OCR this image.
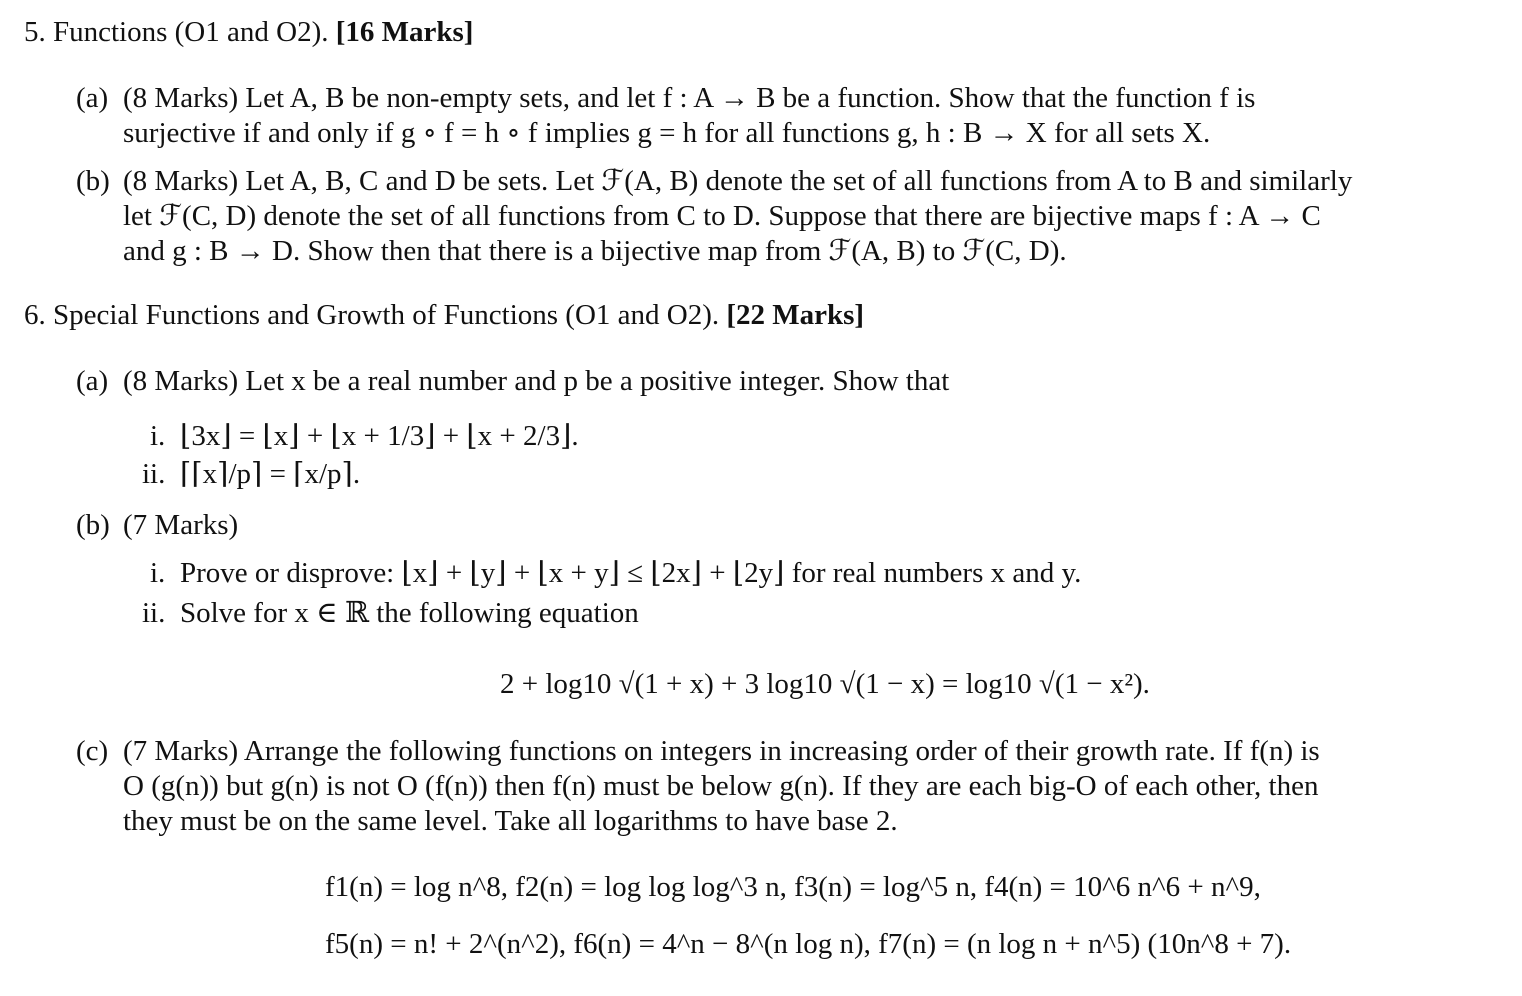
5. Functions (O1 and O2). [16 Marks]
(a) (8 Marks) Let A, B be non-empty sets, and let f : A → B be a function. Show that the function f is
surjective if and only if g ∘ f = h ∘ f implies g = h for all functions g, h : B → X for all sets X.
(b) (8 Marks) Let A, B, C and D be sets. Let ℱ(A, B) denote the set of all functions from A to B and similarly
let ℱ(C, D) denote the set of all functions from C to D. Suppose that there are bijective maps f : A → C
and g : B → D. Show then that there is a bijective map from ℱ(A, B) to ℱ(C, D).
6. Special Functions and Growth of Functions (O1 and O2). [22 Marks]
(a) (8 Marks) Let x be a real number and p be a positive integer. Show that
i. ⌊3x⌋ = ⌊x⌋ + ⌊x + 1/3⌋ + ⌊x + 2/3⌋.
ii. ⌈⌈x⌉/p⌉ = ⌈x/p⌉.
(b) (7 Marks)
i. Prove or disprove: ⌊x⌋ + ⌊y⌋ + ⌊x + y⌋ ≤ ⌊2x⌋ + ⌊2y⌋ for real numbers x and y.
ii. Solve for x ∈ ℝ the following equation
2 + log10 √(1 + x) + 3 log10 √(1 − x) = log10 √(1 − x²).
(c) (7 Marks) Arrange the following functions on integers in increasing order of their growth rate. If f(n) is
O (g(n)) but g(n) is not O (f(n)) then f(n) must be below g(n). If they are each big-O of each other, then
they must be on the same level. Take all logarithms to have base 2.
f1(n) = log n^8, f2(n) = log log log^3 n, f3(n) = log^5 n, f4(n) = 10^6 n^6 + n^9,
f5(n) = n! + 2^(n^2), f6(n) = 4^n − 8^(n log n), f7(n) = (n log n + n^5) (10n^8 + 7).
